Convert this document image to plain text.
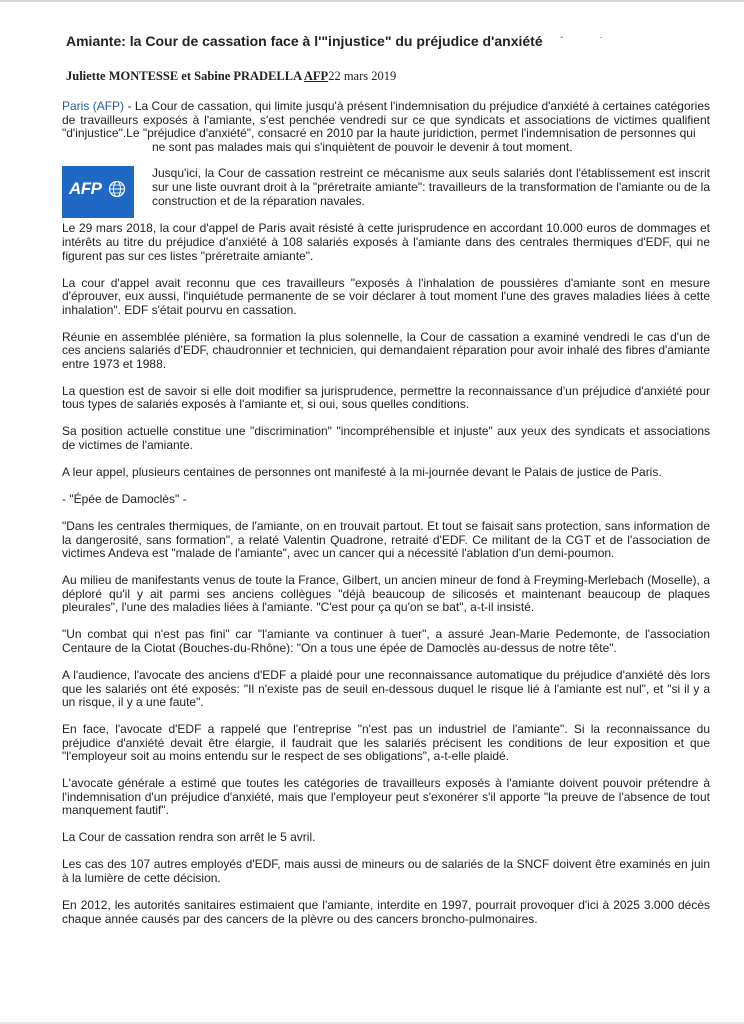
-·
Amiante: la Cour de cassation face à l'"injustice" du préjudice d'anxiété
Juliette MONTESSE et Sabine PRADELLA AFP22 mars 2019

Paris (AFP) - La Cour de cassation, qui limite jusqu'à présent l'indemnisation du préjudice d'anxiété à certaines catégories de travailleurs exposés à l'amiante, s'est penchée vendredi sur ce que syndicats et associations de victimes qualifient "d'injustice".Le "préjudice d'anxiété", consacré en 2010 par la haute juridiction, permet l'indemnisation de personnes qui
ne sont pas malades mais qui s'inquiètent de pouvoir le devenir à tout moment.

AFP

Jusqu'ici, la Cour de cassation restreint ce mécanisme aux seuls salariés dont l'établissement est inscrit sur une liste ouvrant droit à la "préretraite amiante": travailleurs de la transformation de l'amiante ou de la construction et de la réparation navales.

Le 29 mars 2018, la cour d'appel de Paris avait résisté à cette jurisprudence en accordant 10.000 euros de dommages et intérêts au titre du préjudice d'anxiété à 108 salariés exposés à l'amiante dans des centrales thermiques d'EDF, qui ne figurent pas sur ces listes "préretraite amiante".

La cour d'appel avait reconnu que ces travailleurs "exposés à l'inhalation de poussières d'amiante sont en mesure d'éprouver, eux aussi, l'inquiétude permanente de se voir déclarer à tout moment l'une des graves maladies liées à cette inhalation". EDF s'était pourvu en cassation.

Réunie en assemblée plénière, sa formation la plus solennelle, la Cour de cassation a examiné vendredi le cas d'un de ces anciens salariés d'EDF, chaudronnier et technicien, qui demandaient réparation pour avoir inhalé des fibres d'amiante entre 1973 et 1988.

La question est de savoir si elle doit modifier sa jurisprudence, permettre la reconnaissance d'un préjudice d'anxiété pour tous types de salariés exposés à l'amiante et, si oui, sous quelles conditions.

Sa position actuelle constitue une "discrimination" "incompréhensible et injuste" aux yeux des syndicats et associations de victimes de l'amiante.

A leur appel, plusieurs centaines de personnes ont manifesté à la mi-journée devant le Palais de justice de Paris.

- "Épée de Damoclès" -

"Dans les centrales thermiques, de l'amiante, on en trouvait partout. Et tout se faisait sans protection, sans information de la dangerosité, sans formation", a relaté Valentin Quadrone, retraité d'EDF. Ce militant de la CGT et de l'association de victimes Andeva est "malade de l'amiante", avec un cancer qui a nécessité l'ablation d'un demi-poumon.

Au milieu de manifestants venus de toute la France, Gilbert, un ancien mineur de fond à Freyming-Merlebach (Moselle), a déploré qu'il y ait parmi ses anciens collègues "déjà beaucoup de silicosés et maintenant beaucoup de plaques pleurales", l'une des maladies liées à l'amiante. "C'est pour ça qu'on se bat", a-t-il insisté.

"Un combat qui n'est pas fini" car "l'amiante va continuer à tuer", a assuré Jean-Marie Pedemonte, de l'association Centaure de la Ciotat (Bouches-du-Rhône): "On a tous une épée de Damoclès au-dessus de notre tête".

A l'audience, l'avocate des anciens d'EDF a plaidé pour une reconnaissance automatique du préjudice d'anxiété dès lors que les salariés ont été exposés: "Il n'existe pas de seuil en-dessous duquel le risque lié à l'amiante est nul", et "si il y a un risque, il y a une faute".

En face, l'avocate d'EDF a rappelé que l'entreprise "n'est pas un industriel de l'amiante". Si la reconnaissance du préjudice d'anxiété devait être élargie, il faudrait que les salariés précisent les conditions de leur exposition et que "l'employeur soit au moins entendu sur le respect de ses obligations", a-t-elle plaidé.

L'avocate générale a estimé que toutes les catégories de travailleurs exposés à l'amiante doivent pouvoir prétendre à l'indemnisation d'un préjudice d'anxiété, mais que l'employeur peut s'exonérer s'il apporte "la preuve de l'absence de tout manquement fautif".

La Cour de cassation rendra son arrêt le 5 avril.

Les cas des 107 autres employés d'EDF, mais aussi de mineurs ou de salariés de la SNCF doivent être examinés en juin à la lumière de cette décision.

En 2012, les autorités sanitaires estimaient que l'amiante, interdite en 1997, pourrait provoquer d'ici à 2025 3.000 décès chaque année causés par des cancers de la plèvre ou des cancers broncho-pulmonaires.
